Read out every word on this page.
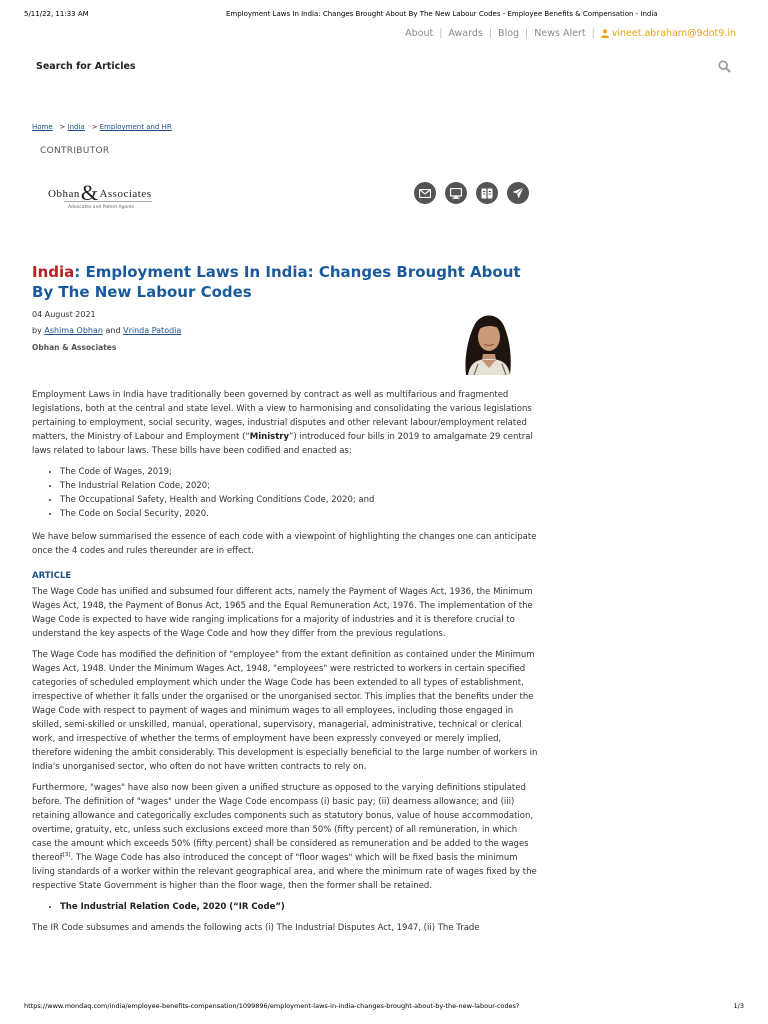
5/11/22, 11:33 AM	Employment Laws In India: Changes Brought About By The New Labour Codes - Employee Benefits & Compensation - India
About | Awards | Blog | News Alert | vineet.abraham@9dot9.in
Search for Articles
Home > India > Employment and HR
CONTRIBUTOR
Obhan&Associates
Advocates and Patent Agents
India: Employment Laws In India: Changes Brought About By The New Labour Codes
04 August 2021
by Ashima Obhan and Vrinda Patodia
Obhan & Associates

Employment Laws in India have traditionally been governed by contract as well as multifarious and fragmented legislations, both at the central and state level. With a view to harmonising and consolidating the various legislations pertaining to employment, social security, wages, industrial disputes and other relevant labour/employment related matters, the Ministry of Labour and Employment (“Ministry”) introduced four bills in 2019 to amalgamate 29 central laws related to labour laws. These bills have been codified and enacted as:

• The Code of Wages, 2019;
• The Industrial Relation Code, 2020;
• The Occupational Safety, Health and Working Conditions Code, 2020; and
• The Code on Social Security, 2020.

We have below summarised the essence of each code with a viewpoint of highlighting the changes one can anticipate once the 4 codes and rules thereunder are in effect.

ARTICLE

The Wage Code has unified and subsumed four different acts, namely the Payment of Wages Act, 1936, the Minimum Wages Act, 1948, the Payment of Bonus Act, 1965 and the Equal Remuneration Act, 1976. The implementation of the Wage Code is expected to have wide ranging implications for a majority of industries and it is therefore crucial to understand the key aspects of the Wage Code and how they differ from the previous regulations.

The Wage Code has modified the definition of "employee" from the extant definition as contained under the Minimum Wages Act, 1948. Under the Minimum Wages Act, 1948, "employees" were restricted to workers in certain specified categories of scheduled employment which under the Wage Code has been extended to all types of establishment, irrespective of whether it falls under the organised or the unorganised sector. This implies that the benefits under the Wage Code with respect to payment of wages and minimum wages to all employees, including those engaged in skilled, semi-skilled or unskilled, manual, operational, supervisory, managerial, administrative, technical or clerical work, and irrespective of whether the terms of employment have been expressly conveyed or merely implied, therefore widening the ambit considerably. This development is especially beneficial to the large number of workers in India's unorganised sector, who often do not have written contracts to rely on.

Furthermore, "wages" have also now been given a unified structure as opposed to the varying definitions stipulated before. The definition of "wages" under the Wage Code encompass (i) basic pay; (ii) dearness allowance; and (iii) retaining allowance and categorically excludes components such as statutory bonus, value of house accommodation, overtime, gratuity, etc, unless such exclusions exceed more than 50% (fifty percent) of all remuneration, in which case the amount which exceeds 50% (fifty percent) shall be considered as remuneration and be added to the wages thereof[3]. The Wage Code has also introduced the concept of "floor wages" which will be fixed basis the minimum living standards of a worker within the relevant geographical area, and where the minimum rate of wages fixed by the respective State Government is higher than the floor wage, then the former shall be retained.

• The Industrial Relation Code, 2020 (“IR Code”)

The IR Code subsumes and amends the following acts (i) The Industrial Disputes Act, 1947, (ii) The Trade

https://www.mondaq.com/india/employee-benefits-compensation/1099896/employment-laws-in-india-changes-brought-about-by-the-new-labour-codes?	1/3
